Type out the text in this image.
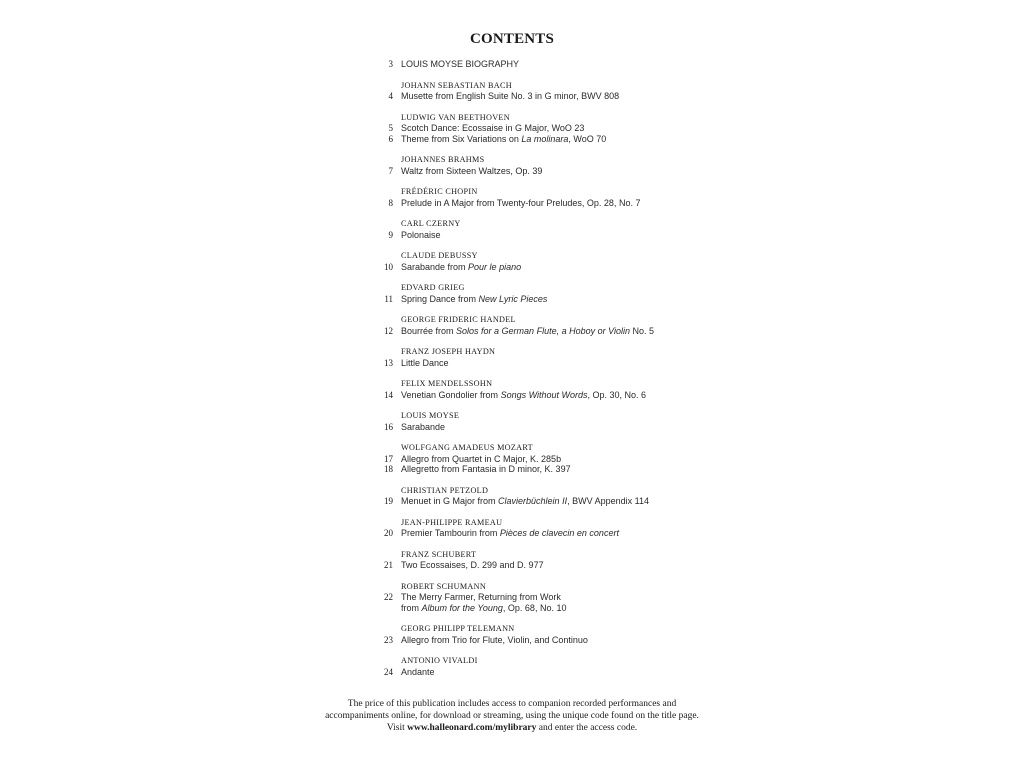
CONTENTS
3 LOUIS MOYSE BIOGRAPHY
JOHANN SEBASTIAN BACH
4 Musette from English Suite No. 3 in G minor, BWV 808
LUDWIG VAN BEETHOVEN
5 Scotch Dance: Ecossaise in G Major, WoO 23
6 Theme from Six Variations on La molinara, WoO 70
JOHANNES BRAHMS
7 Waltz from Sixteen Waltzes, Op. 39
FRÉDÉRIC CHOPIN
8 Prelude in A Major from Twenty-four Preludes, Op. 28, No. 7
CARL CZERNY
9 Polonaise
CLAUDE DEBUSSY
10 Sarabande from Pour le piano
EDVARD GRIEG
11 Spring Dance from New Lyric Pieces
GEORGE FRIDERIC HANDEL
12 Bourrée from Solos for a German Flute, a Hoboy or Violin No. 5
FRANZ JOSEPH HAYDN
13 Little Dance
FELIX MENDELSSOHN
14 Venetian Gondolier from Songs Without Words, Op. 30, No. 6
LOUIS MOYSE
16 Sarabande
WOLFGANG AMADEUS MOZART
17 Allegro from Quartet in C Major, K. 285b
18 Allegretto from Fantasia in D minor, K. 397
CHRISTIAN PETZOLD
19 Menuet in G Major from Clavierbüchlein II, BWV Appendix 114
JEAN-PHILIPPE RAMEAU
20 Premier Tambourin from Pièces de clavecin en concert
FRANZ SCHUBERT
21 Two Ecossaises, D. 299 and D. 977
ROBERT SCHUMANN
22 The Merry Farmer, Returning from Work
from Album for the Young, Op. 68, No. 10
GEORG PHILIPP TELEMANN
23 Allegro from Trio for Flute, Violin, and Continuo
ANTONIO VIVALDI
24 Andante
The price of this publication includes access to companion recorded performances and
accompaniments online, for download or streaming, using the unique code found on the title page.
Visit www.halleonard.com/mylibrary and enter the access code.
